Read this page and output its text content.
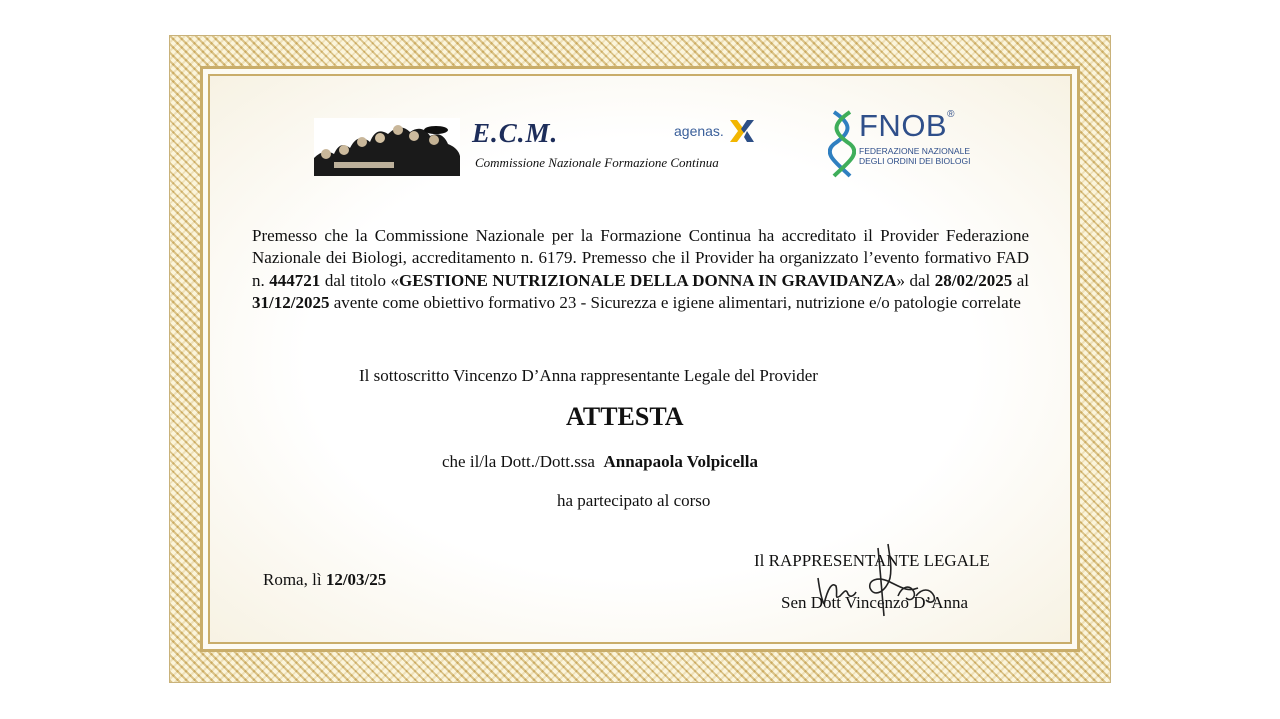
E.C.M.
Commissione Nazionale Formazione Continua
agenas.	FNOB®
FEDERAZIONE NAZIONALE
DEGLI ORDINI DEI BIOLOGI

Premesso che la Commissione Nazionale per la Formazione Continua ha accreditato il Provider Federazione Nazionale dei Biologi, accreditamento n. 6179. Premesso che il Provider ha organizzato l’evento formativo FAD n. 444721 dal titolo «GESTIONE NUTRIZIONALE DELLA DONNA IN GRAVIDANZA» dal 28/02/2025 al 31/12/2025 avente come obiettivo formativo 23 - Sicurezza e igiene alimentari, nutrizione e/o patologie correlate

Il sottoscritto Vincenzo D’Anna rappresentante Legale del Provider
ATTESTA
che il/la Dott./Dott.ssa Annapaola Volpicella
ha partecipato al corso
Roma, lì 12/03/25
Il RAPPRESENTANTE LEGALE
Sen Dott Vincenzo D’Anna
